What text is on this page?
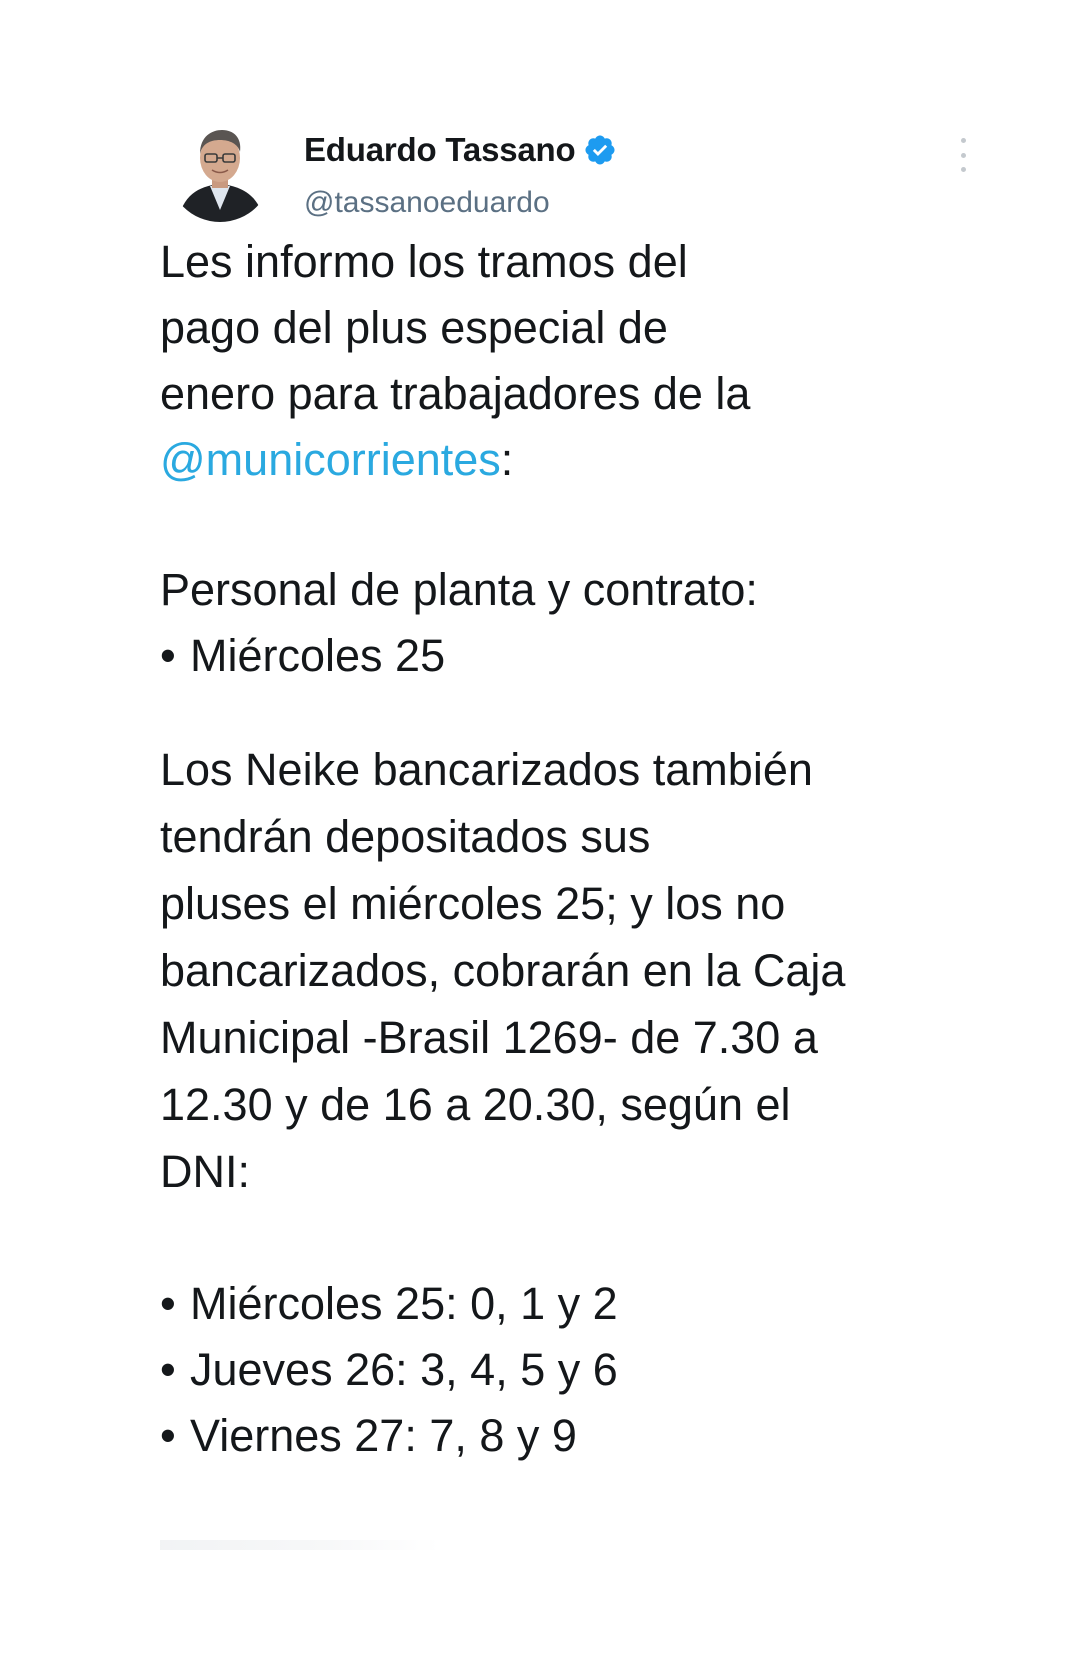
Eduardo Tassano
@tassanoeduardo
Les informo los tramos del
pago del plus especial de
enero para trabajadores de la
@municorrientes:
Personal de planta y contrato:
• Miércoles 25
Los Neike bancarizados también
tendrán depositados sus
pluses el miércoles 25; y los no
bancarizados, cobrarán en la Caja
Municipal -Brasil 1269- de 7.30 a
12.30 y de 16 a 20.30, según el
DNI:
• Miércoles 25: 0, 1 y 2
• Jueves 26: 3, 4, 5 y 6
• Viernes 27: 7, 8 y 9
